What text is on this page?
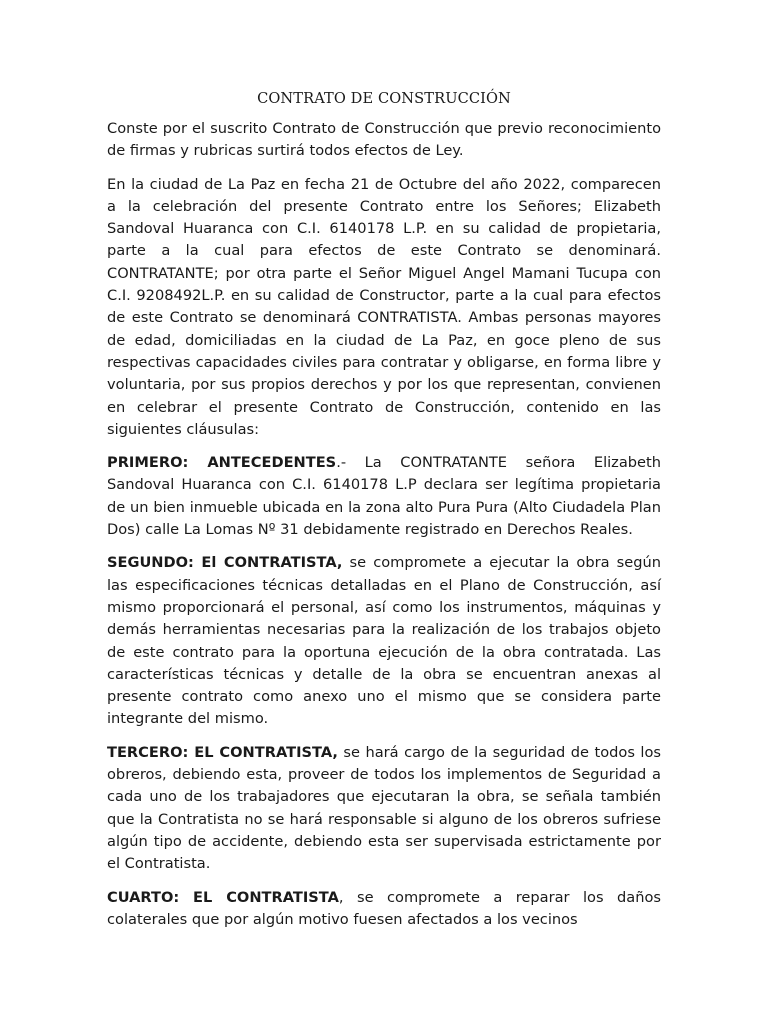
CONTRATO DE CONSTRUCCIÓN

Conste por el suscrito Contrato de Construcción que previo reconocimiento de firmas y rubricas surtirá todos efectos de Ley.

En la ciudad de La Paz en fecha 21 de Octubre del año 2022, comparecen a la celebración del presente Contrato entre los Señores; Elizabeth Sandoval Huaranca con C.I. 6140178 L.P. en su calidad de propietaria, parte a la cual para efectos de este Contrato se denominará. CONTRATANTE; por otra parte el Señor Miguel Angel Mamani Tucupa con C.I. 9208492L.P. en su calidad de Constructor, parte a la cual para efectos de este Contrato se denominará CONTRATISTA. Ambas personas mayores de edad, domiciliadas en la ciudad de La Paz, en goce pleno de sus respectivas capacidades civiles para contratar y obligarse, en forma libre y voluntaria, por sus propios derechos y por los que representan, convienen en celebrar el presente Contrato de Construcción, contenido en las siguientes cláusulas:

PRIMERO: ANTECEDENTES.- La CONTRATANTE señora Elizabeth Sandoval Huaranca con C.I. 6140178 L.P declara ser legítima propietaria de un bien inmueble ubicada en la zona alto Pura Pura (Alto Ciudadela Plan Dos) calle La Lomas Nº 31 debidamente registrado en Derechos Reales.

SEGUNDO: El CONTRATISTA, se compromete a ejecutar la obra según las especificaciones técnicas detalladas en el Plano de Construcción, así mismo proporcionará el personal, así como los instrumentos, máquinas y demás herramientas necesarias para la realización de los trabajos objeto de este contrato para la oportuna ejecución de la obra contratada. Las características técnicas y detalle de la obra se encuentran anexas al presente contrato como anexo uno el mismo que se considera parte integrante del mismo.

TERCERO: EL CONTRATISTA, se hará cargo de la seguridad de todos los obreros, debiendo esta, proveer de todos los implementos de Seguridad a cada uno de los trabajadores que ejecutaran la obra, se señala también que la Contratista no se hará responsable si alguno de los obreros sufriese algún tipo de accidente, debiendo esta ser supervisada estrictamente por el Contratista.

CUARTO: EL CONTRATISTA, se compromete a reparar los daños colaterales que por algún motivo fuesen afectados a los vecinos
